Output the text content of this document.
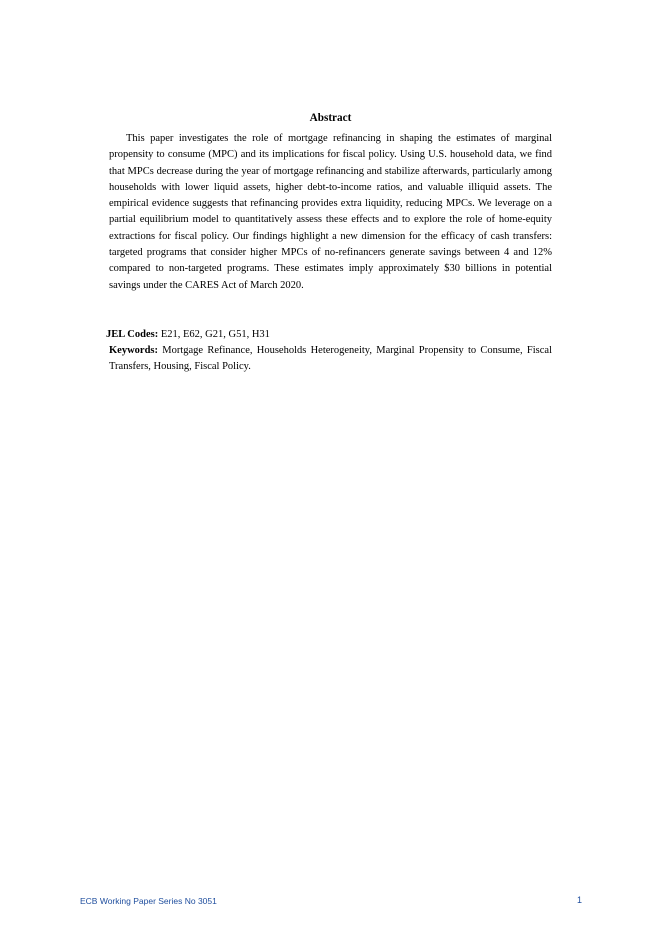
Abstract

This paper investigates the role of mortgage refinancing in shaping the estimates of marginal propensity to consume (MPC) and its implications for fiscal policy. Using U.S. household data, we find that MPCs decrease during the year of mortgage refinancing and stabilize afterwards, particularly among households with lower liquid assets, higher debt-to-income ratios, and valuable illiquid assets. The empirical evidence suggests that refinancing provides extra liquidity, reducing MPCs. We leverage on a partial equilibrium model to quantitatively assess these effects and to explore the role of home-equity extractions for fiscal policy. Our findings highlight a new dimension for the efficacy of cash transfers: targeted programs that consider higher MPCs of no-refinancers generate savings between 4 and 12% compared to non-targeted programs. These estimates imply approximately $30 billions in potential savings under the CARES Act of March 2020.

JEL Codes: E21, E62, G21, G51, H31

Keywords: Mortgage Refinance, Households Heterogeneity, Marginal Propensity to Consume, Fiscal Transfers, Housing, Fiscal Policy.

ECB Working Paper Series No 3051	1
